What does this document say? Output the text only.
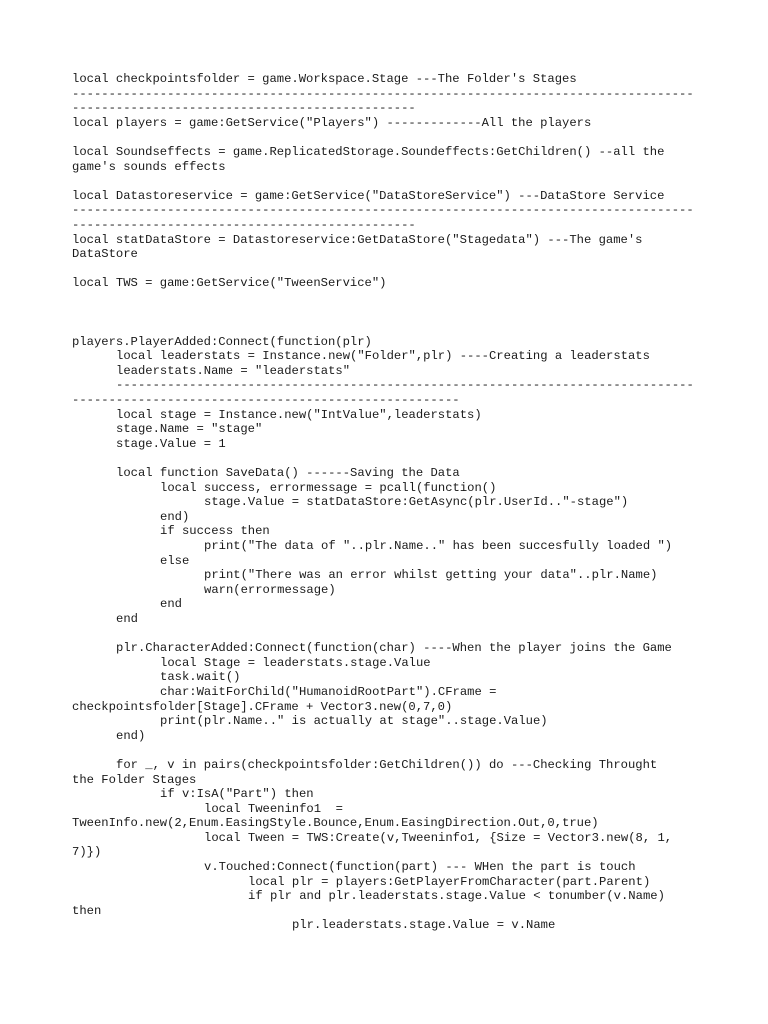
local checkpointsfolder = game.Workspace.Stage ---The Folder's Stages
-------------------------------------------------------------------------------------
-----------------------------------------------
local players = game:GetService("Players") -------------All the players
local Soundseffects = game.ReplicatedStorage.Soundeffects:GetChildren() --all the
game's sounds effects
local Datastoreservice = game:GetService("DataStoreService") ---DataStore Service
-------------------------------------------------------------------------------------
-----------------------------------------------
local statDataStore = Datastoreservice:GetDataStore("Stagedata") ---The game's
DataStore
local TWS = game:GetService("TweenService")
players.PlayerAdded:Connect(function(plr)
local leaderstats = Instance.new("Folder",plr) ----Creating a leaderstats
leaderstats.Name = "leaderstats"
-------------------------------------------------------------------------------
-----------------------------------------------------
local stage = Instance.new("IntValue",leaderstats)
stage.Name = "stage"
stage.Value = 1
local function SaveData() ------Saving the Data
local success, errormessage = pcall(function()
stage.Value = statDataStore:GetAsync(plr.UserId.."-stage")
end)
if success then
print("The data of "..plr.Name.." has been succesfully loaded ")
else
print("There was an error whilst getting your data"..plr.Name)
warn(errormessage)
end
end
plr.CharacterAdded:Connect(function(char) ----When the player joins the Game
local Stage = leaderstats.stage.Value
task.wait()
char:WaitForChild("HumanoidRootPart").CFrame =
checkpointsfolder[Stage].CFrame + Vector3.new(0,7,0)
print(plr.Name.." is actually at stage"..stage.Value)
end)
for _, v in pairs(checkpointsfolder:GetChildren()) do ---Checking Throught
the Folder Stages
if v:IsA("Part") then
local Tweeninfo1  =
TweenInfo.new(2,Enum.EasingStyle.Bounce,Enum.EasingDirection.Out,0,true)
local Tween = TWS:Create(v,Tweeninfo1, {Size = Vector3.new(8, 1,
7)})
v.Touched:Connect(function(part) --- WHen the part is touch
local plr = players:GetPlayerFromCharacter(part.Parent)
if plr and plr.leaderstats.stage.Value < tonumber(v.Name)
then
plr.leaderstats.stage.Value = v.Name
